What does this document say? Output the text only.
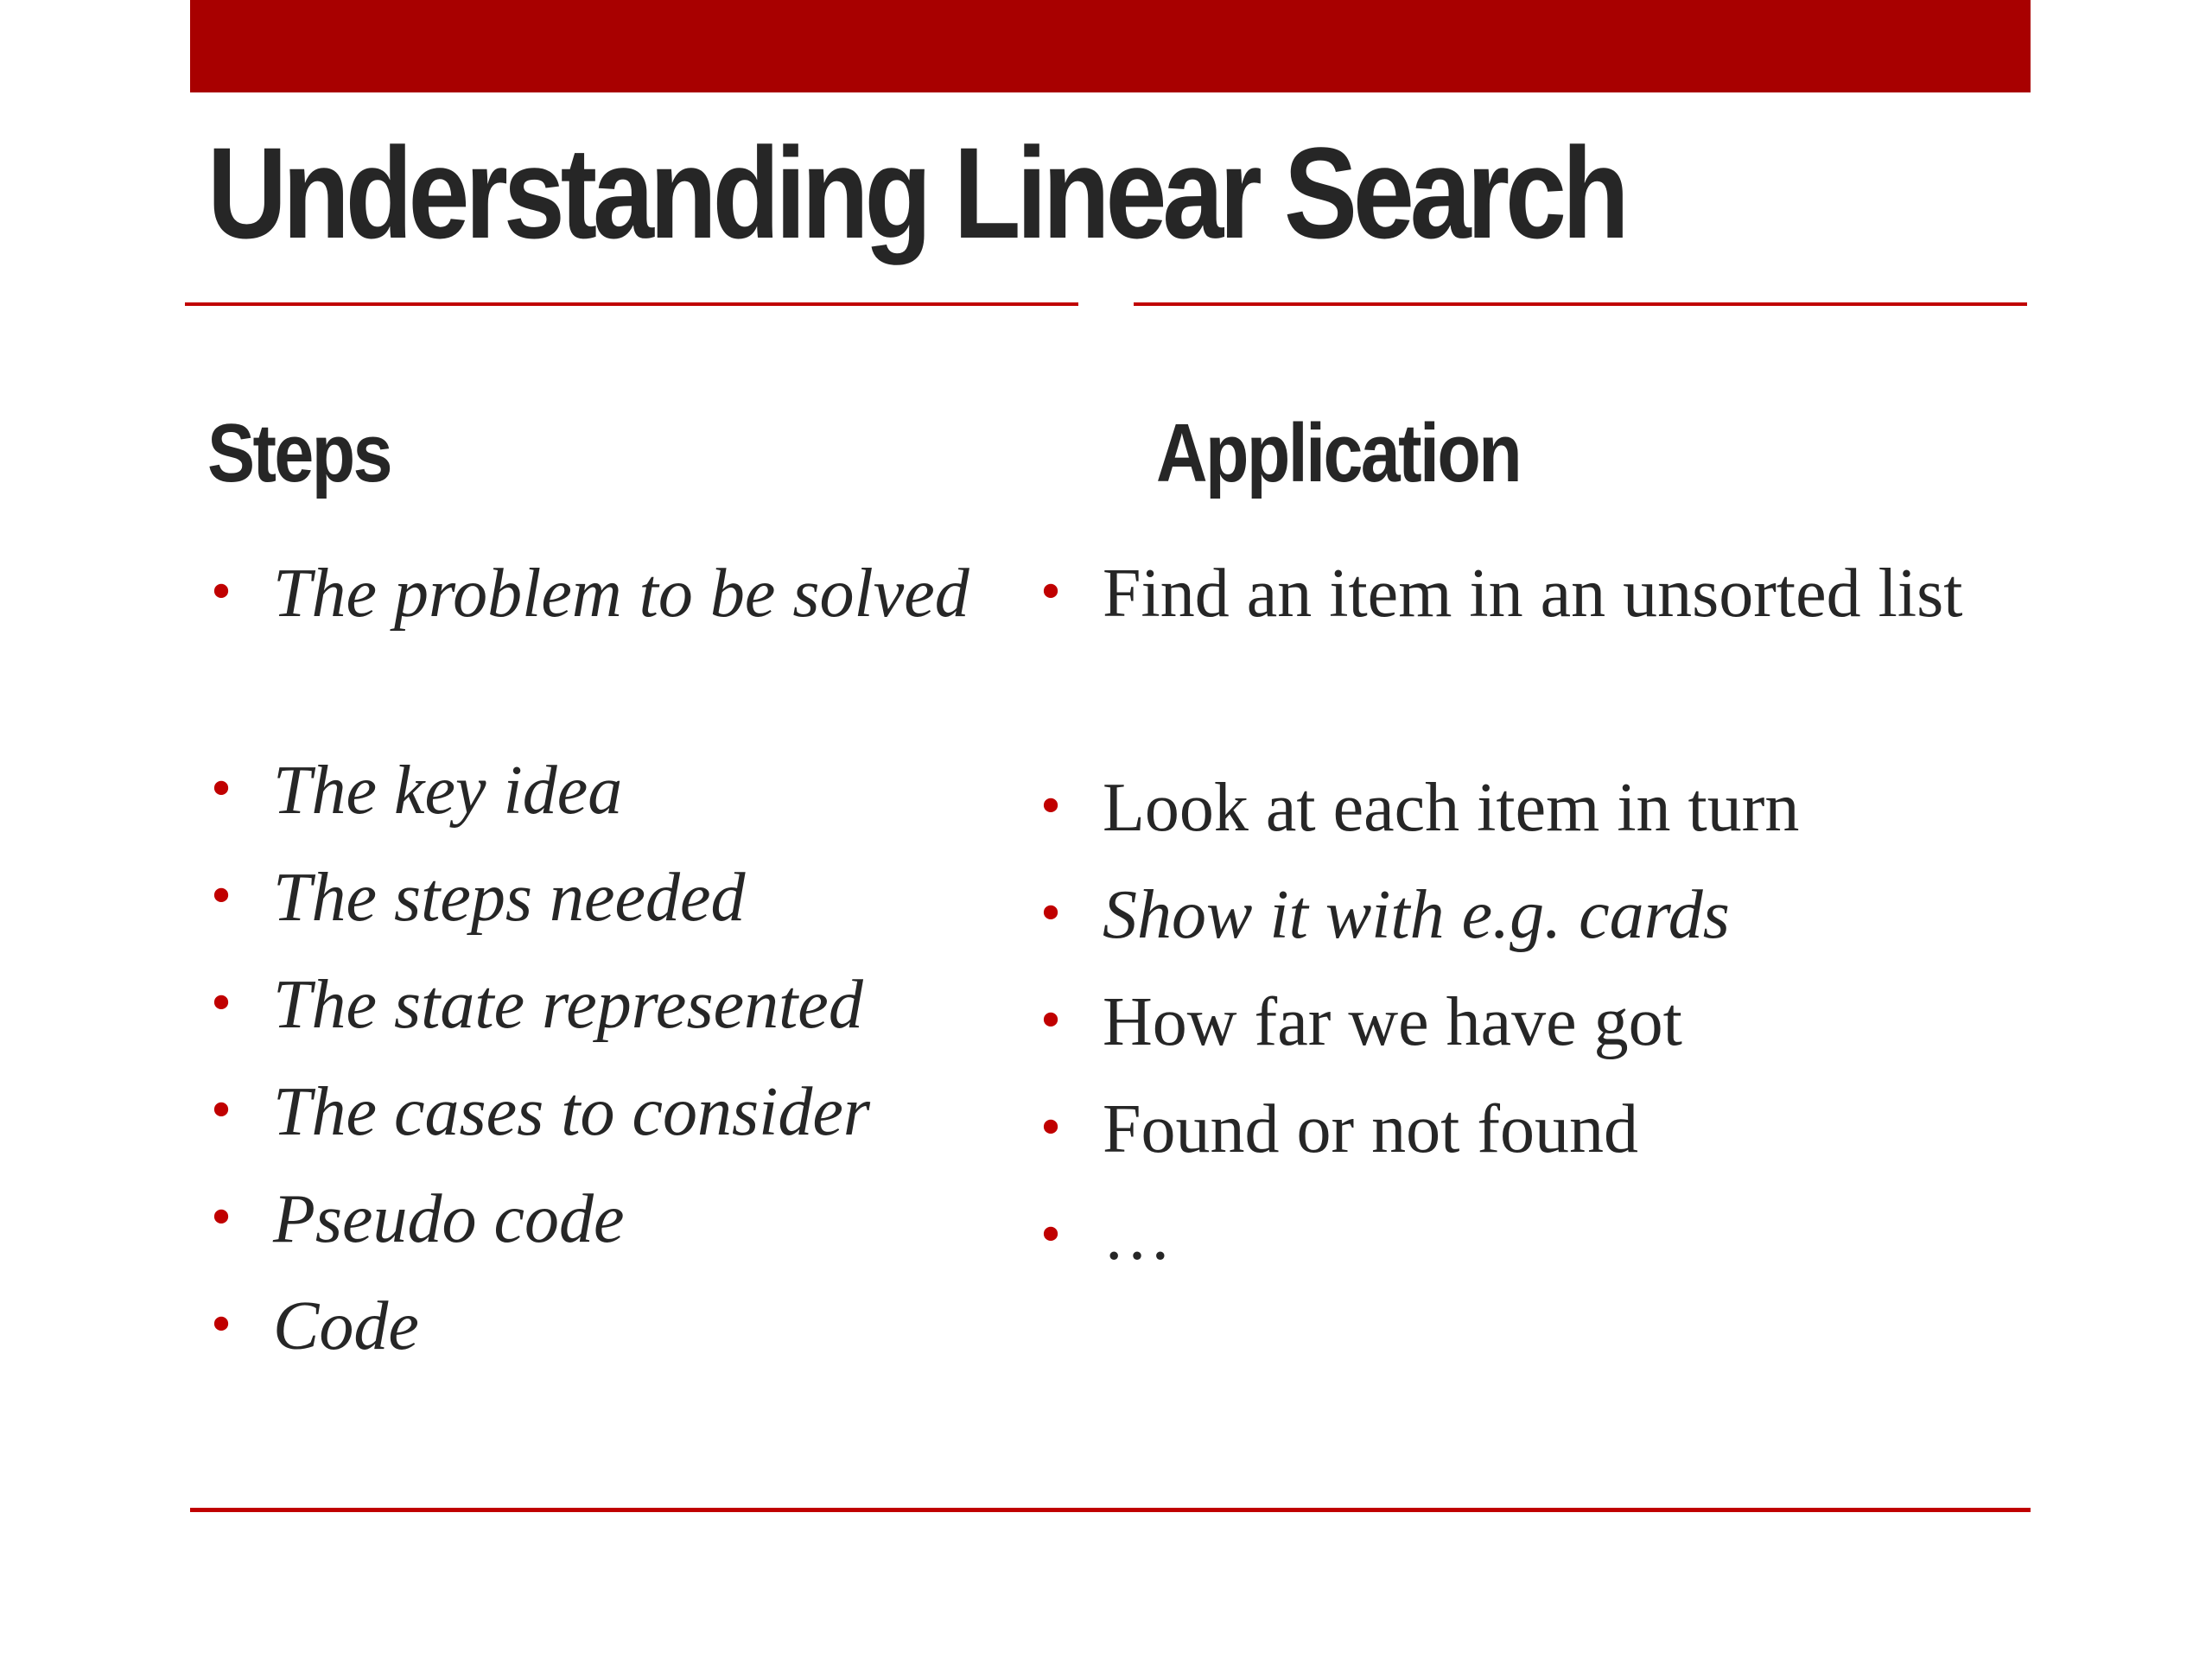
Understanding Linear Search
Steps	Application
• The problem to be solved
• The key idea
• The steps needed
• The state represented
• The cases to consider
• Pseudo code
• Code
• Find an item in an unsorted list
• Look at each item in turn
• Show it with e.g. cards
• How far we have got
• Found or not found
• …
